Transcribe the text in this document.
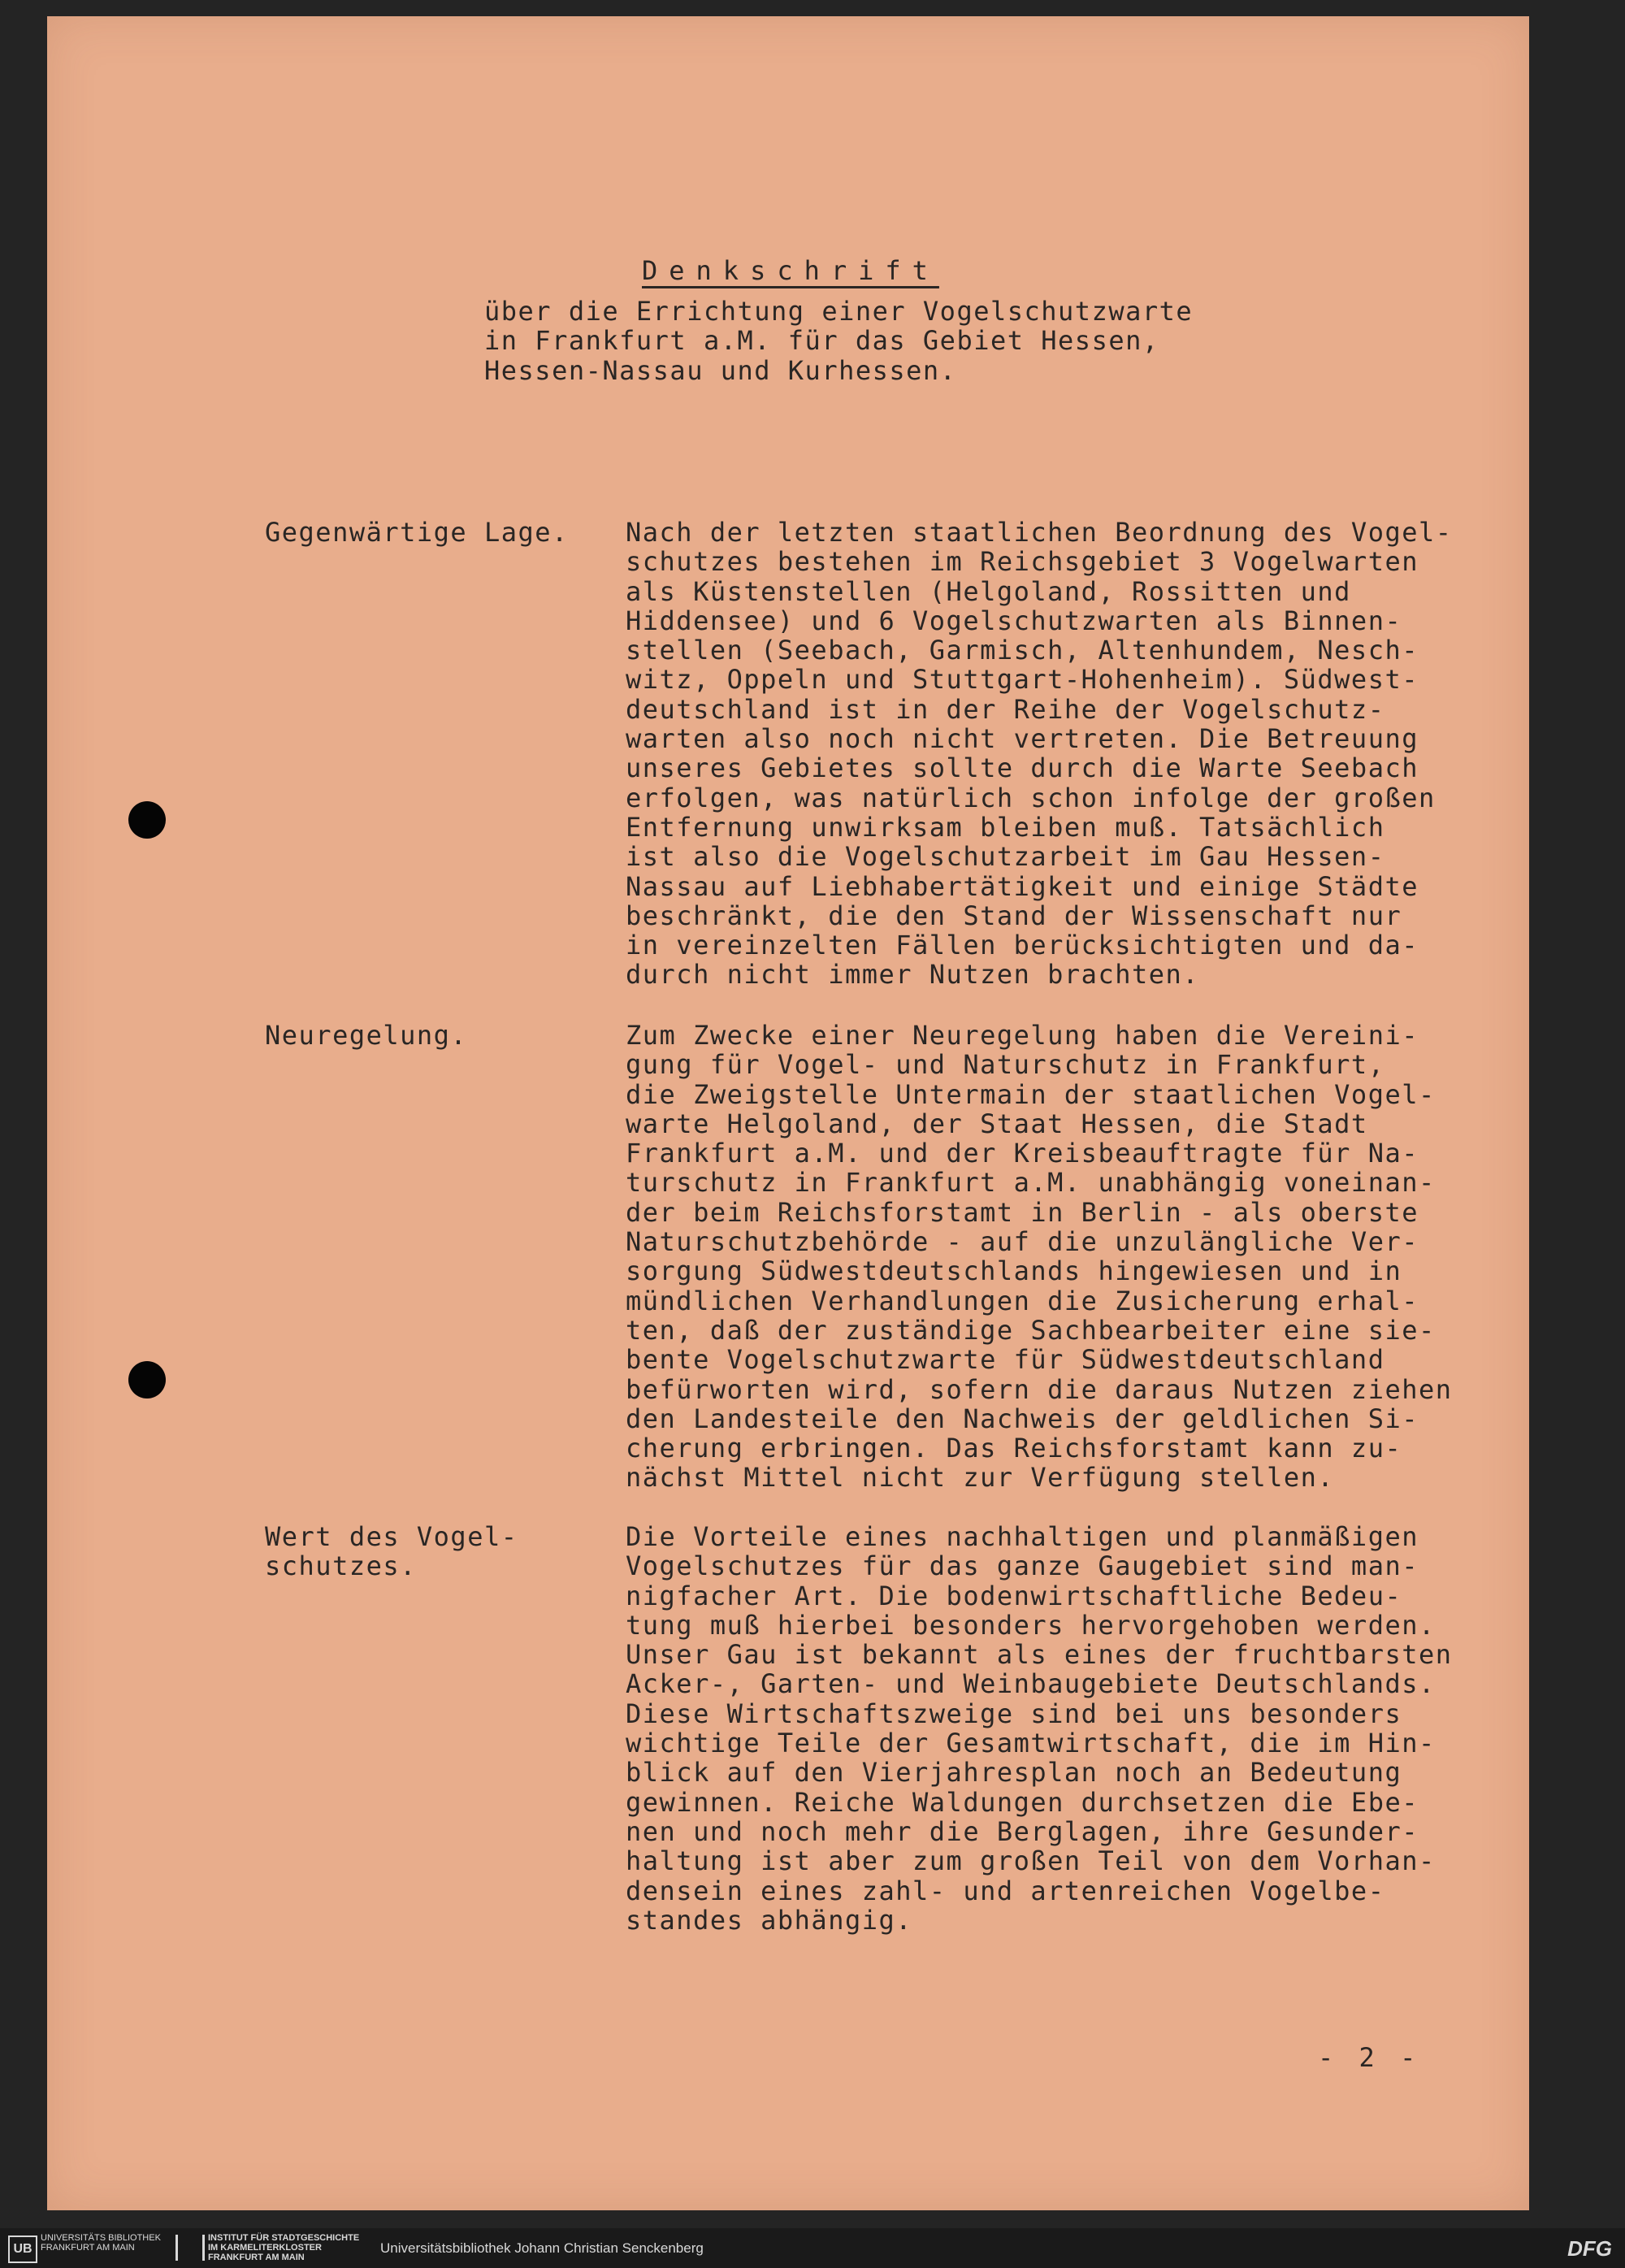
Denkschrift
über die Errichtung einer Vogelschutzwarte
in Frankfurt a.M. für das Gebiet Hessen,
Hessen-Nassau und Kurhessen.
Gegenwärtige Lage. Nach der letzten staatlichen Beordnung des Vogel-
schutzes bestehen im Reichsgebiet 3 Vogelwarten
als Küstenstellen (Helgoland, Rossitten und
Hiddensee) und 6 Vogelschutzwarten als Binnen-
stellen (Seebach, Garmisch, Altenhundem, Nesch-
witz, Oppeln und Stuttgart-Hohenheim). Südwest-
deutschland ist in der Reihe der Vogelschutz-
warten also noch nicht vertreten. Die Betreuung
unseres Gebietes sollte durch die Warte Seebach
erfolgen, was natürlich schon infolge der großen
Entfernung unwirksam bleiben muß. Tatsächlich
ist also die Vogelschutzarbeit im Gau Hessen-
Nassau auf Liebhabertätigkeit und einige Städte
beschränkt, die den Stand der Wissenschaft nur
in vereinzelten Fällen berücksichtigten und da-
durch nicht immer Nutzen brachten.
Neuregelung.	Zum Zwecke einer Neuregelung haben die Vereini-
gung für Vogel- und Naturschutz in Frankfurt,
die Zweigstelle Untermain der staatlichen Vogel-
warte Helgoland, der Staat Hessen, die Stadt
Frankfurt a.M. und der Kreisbeauftragte für Na-
turschutz in Frankfurt a.M. unabhängig voneinan-
der beim Reichsforstamt in Berlin - als oberste
Naturschutzbehörde - auf die unzulängliche Ver-
sorgung Südwestdeutschlands hingewiesen und in
mündlichen Verhandlungen die Zusicherung erhal-
ten, daß der zuständige Sachbearbeiter eine sie-
bente Vogelschutzwarte für Südwestdeutschland
befürworten wird, sofern die daraus Nutzen ziehen
den Landesteile den Nachweis der geldlichen Si-
cherung erbringen. Das Reichsforstamt kann zu-
nächst Mittel nicht zur Verfügung stellen.
Wert des Vogel-
schutzes.
Die Vorteile eines nachhaltigen und planmäßigen
Vogelschutzes für das ganze Gaugebiet sind man-
nigfacher Art. Die bodenwirtschaftliche Bedeu-
tung muß hierbei besonders hervorgehoben werden.
Unser Gau ist bekannt als eines der fruchtbarsten
Acker-, Garten- und Weinbaugebiete Deutschlands.
Diese Wirtschaftszweige sind bei uns besonders
wichtige Teile der Gesamtwirtschaft, die im Hin-
blick auf den Vierjahresplan noch an Bedeutung
gewinnen. Reiche Waldungen durchsetzen die Ebe-
nen und noch mehr die Berglagen, ihre Gesunder-
haltung ist aber zum großen Teil von dem Vorhan-
densein eines zahl- und artenreichen Vogelbe-
standes abhängig.
- 2 -
UB
UNIVERSITÄTS BIBLIOTHEK FRANKFURT AM MAIN
INSTITUT FÜR STADTGESCHICHTE IM KARMELITERKLOSTER FRANKFURT AM MAIN
Universitätsbibliothek Johann Christian Senckenberg	DFG
